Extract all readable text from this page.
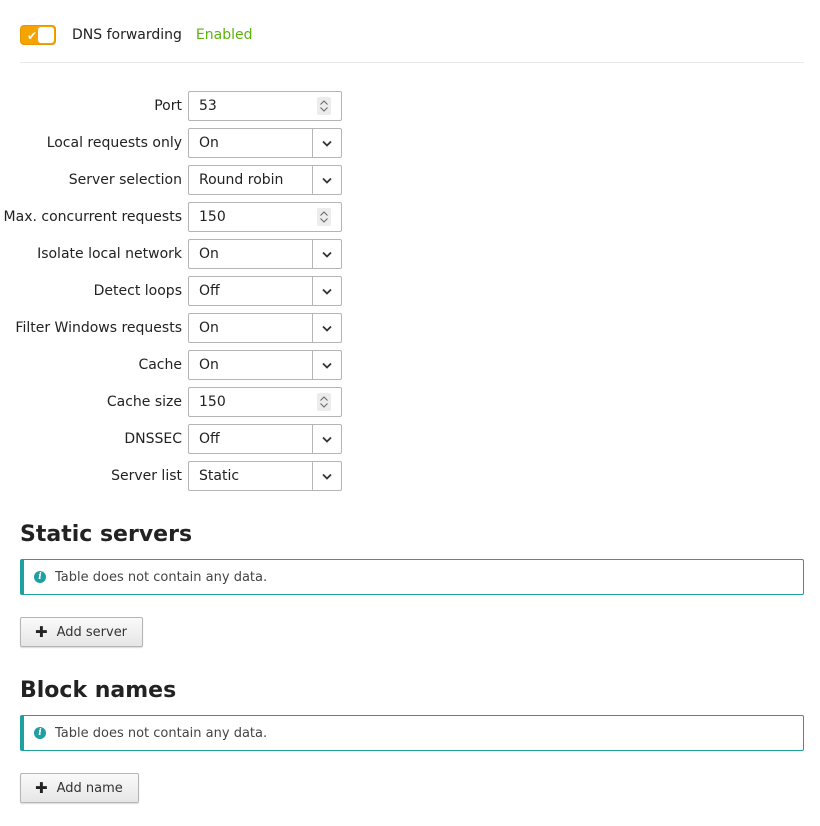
✔ DNS forwarding Enabled
Port 53
Local requests only On
Server selection Round robin
Max. concurrent requests 150
Isolate local network On
Detect loops Off
Filter Windows requests On
Cache On
Cache size 150
DNSSEC Off
Server list Static
Static servers
i	Table does not contain any data.
✚ Add server
Block names
i	Table does not contain any data.
✚ Add name
